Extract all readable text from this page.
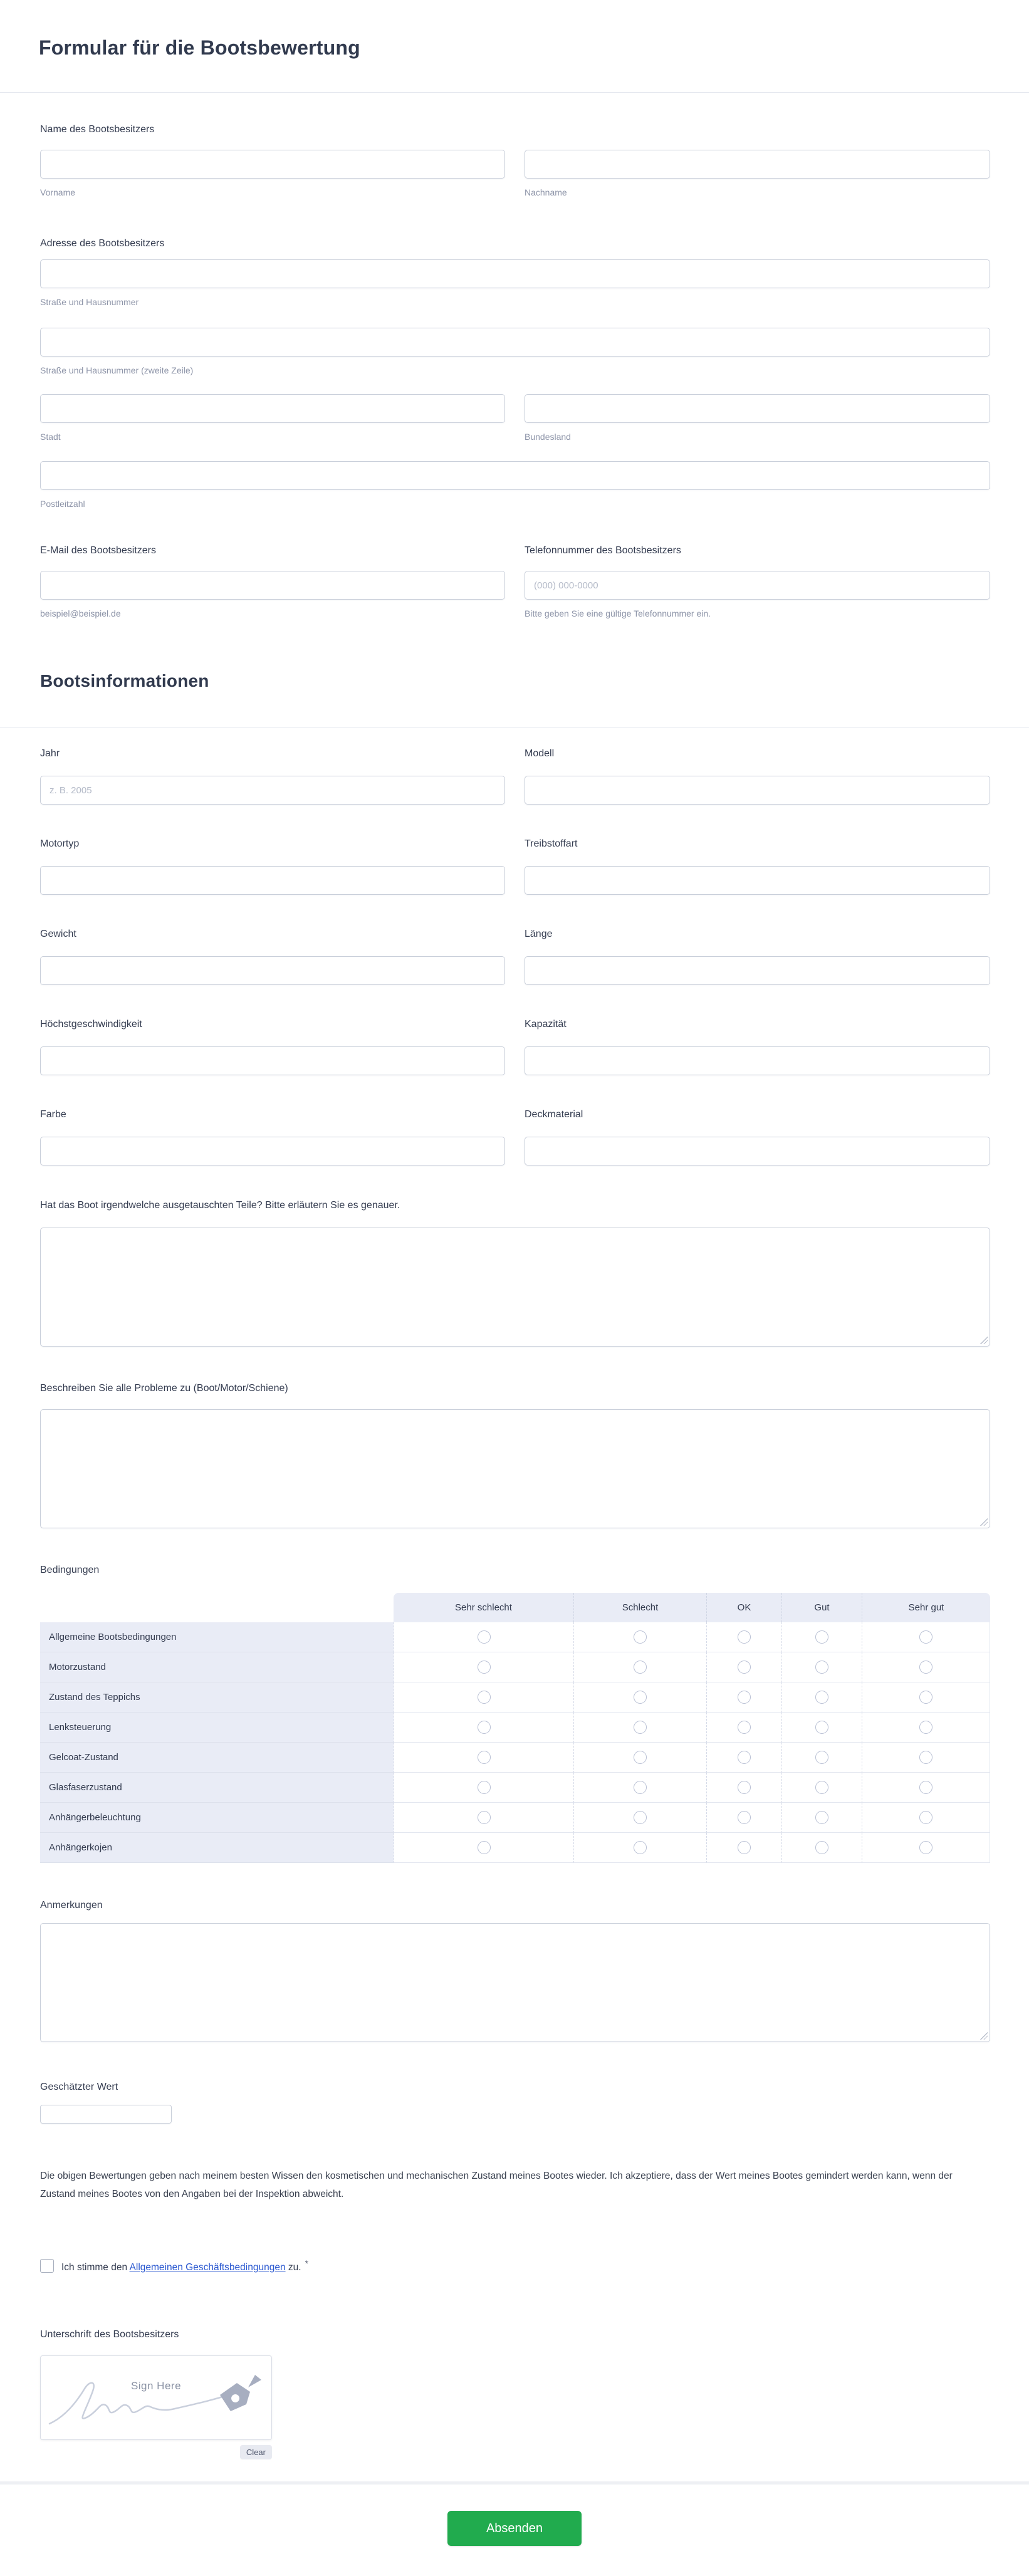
Formular für die Bootsbewertung
Name des Bootsbesitzers
Vorname	Nachname
Adresse des Bootsbesitzers
Straße und Hausnummer
Straße und Hausnummer (zweite Zeile)
Stadt	Bundesland
Postleitzahl
E-Mail des Bootsbesitzers
beispiel@beispiel.de
Telefonnummer des Bootsbesitzers
(000) 000-0000
Bitte geben Sie eine gültige Telefonnummer ein.
Bootsinformationen
Jahr
z. B. 2005	Modell
Motortyp	Treibstoffart
Gewicht	Länge
Höchstgeschwindigkeit	Kapazität
Farbe	Deckmaterial
Hat das Boot irgendwelche ausgetauschten Teile? Bitte erläutern Sie es genauer.
Beschreiben Sie alle Probleme zu (Boot/Motor/Schiene)
Bedingungen
Sehr schlecht	Schlecht	OK	Gut	Sehr gut
Allgemeine Bootsbedingungen
Motorzustand
Zustand des Teppichs
Lenksteuerung
Gelcoat-Zustand
Glasfaserzustand
Anhängerbeleuchtung
Anhängerkojen
Anmerkungen
Geschätzter Wert

Die obigen Bewertungen geben nach meinem besten Wissen den kosmetischen und mechanischen Zustand meines Bootes wieder. Ich akzeptiere, dass der Wert meines Bootes gemindert werden kann, wenn der Zustand meines Bootes von den Angaben bei der Inspektion abweicht.

Ich stimme den Allgemeinen Geschäftsbedingungen zu. *
Unterschrift des Bootsbesitzers
Sign Here
Clear
Absenden
